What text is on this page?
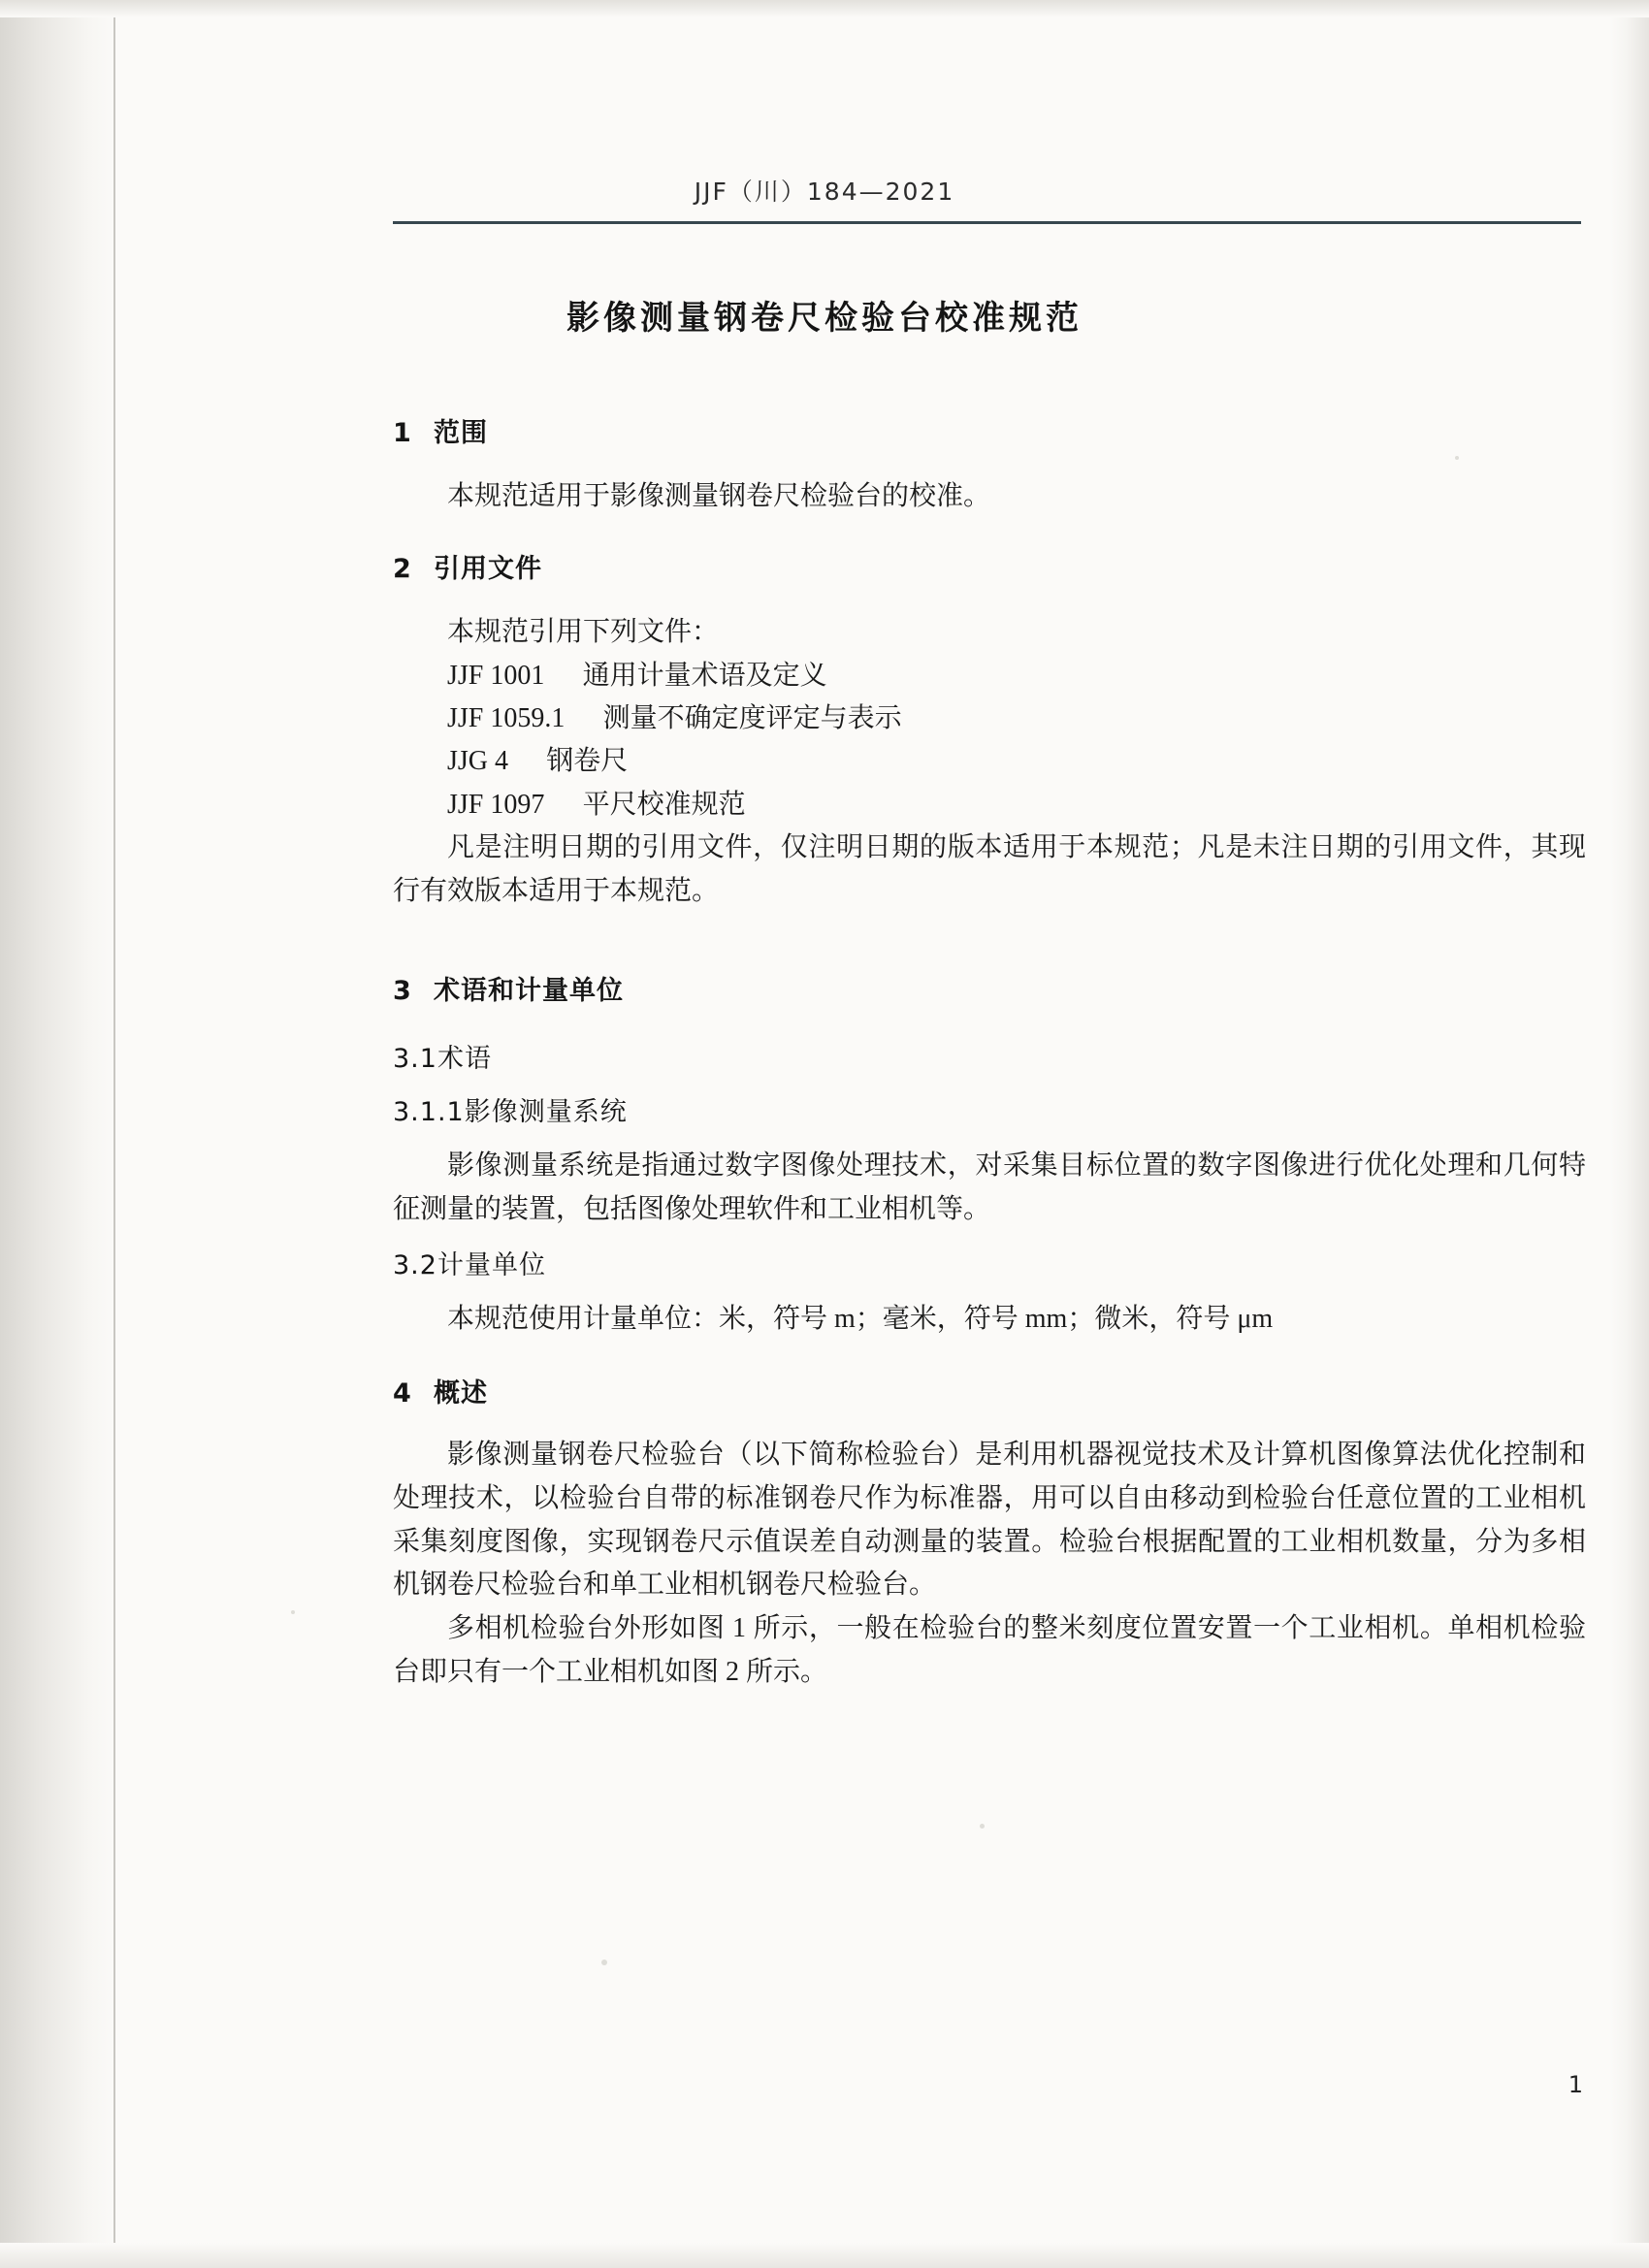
JJF（川）184—2021
影像测量钢卷尺检验台校准规范
1 范围
本规范适用于影像测量钢卷尺检验台的校准。
2 引用文件
本规范引用下列文件：
JJF 1001 通用计量术语及定义
JJF 1059.1 测量不确定度评定与表示
JJG 4 钢卷尺
JJF 1097 平尺校准规范
凡是注明日期的引用文件，仅注明日期的版本适用于本规范；凡是未注日期的引用文件，其现行有效版本适用于本规范。
3 术语和计量单位
3.1术语
3.1.1影像测量系统
影像测量系统是指通过数字图像处理技术，对采集目标位置的数字图像进行优化处理和几何特征测量的装置，包括图像处理软件和工业相机等。
3.2计量单位
本规范使用计量单位：米，符号 m；毫米，符号 mm；微米，符号 μm
4 概述
影像测量钢卷尺检验台（以下简称检验台）是利用机器视觉技术及计算机图像算法优化控制和处理技术，以检验台自带的标准钢卷尺作为标准器，用可以自由移动到检验台任意位置的工业相机采集刻度图像，实现钢卷尺示值误差自动测量的装置。检验台根据配置的工业相机数量，分为多相机钢卷尺检验台和单工业相机钢卷尺检验台。
多相机检验台外形如图 1 所示，一般在检验台的整米刻度位置安置一个工业相机。单相机检验台即只有一个工业相机如图 2 所示。
1
